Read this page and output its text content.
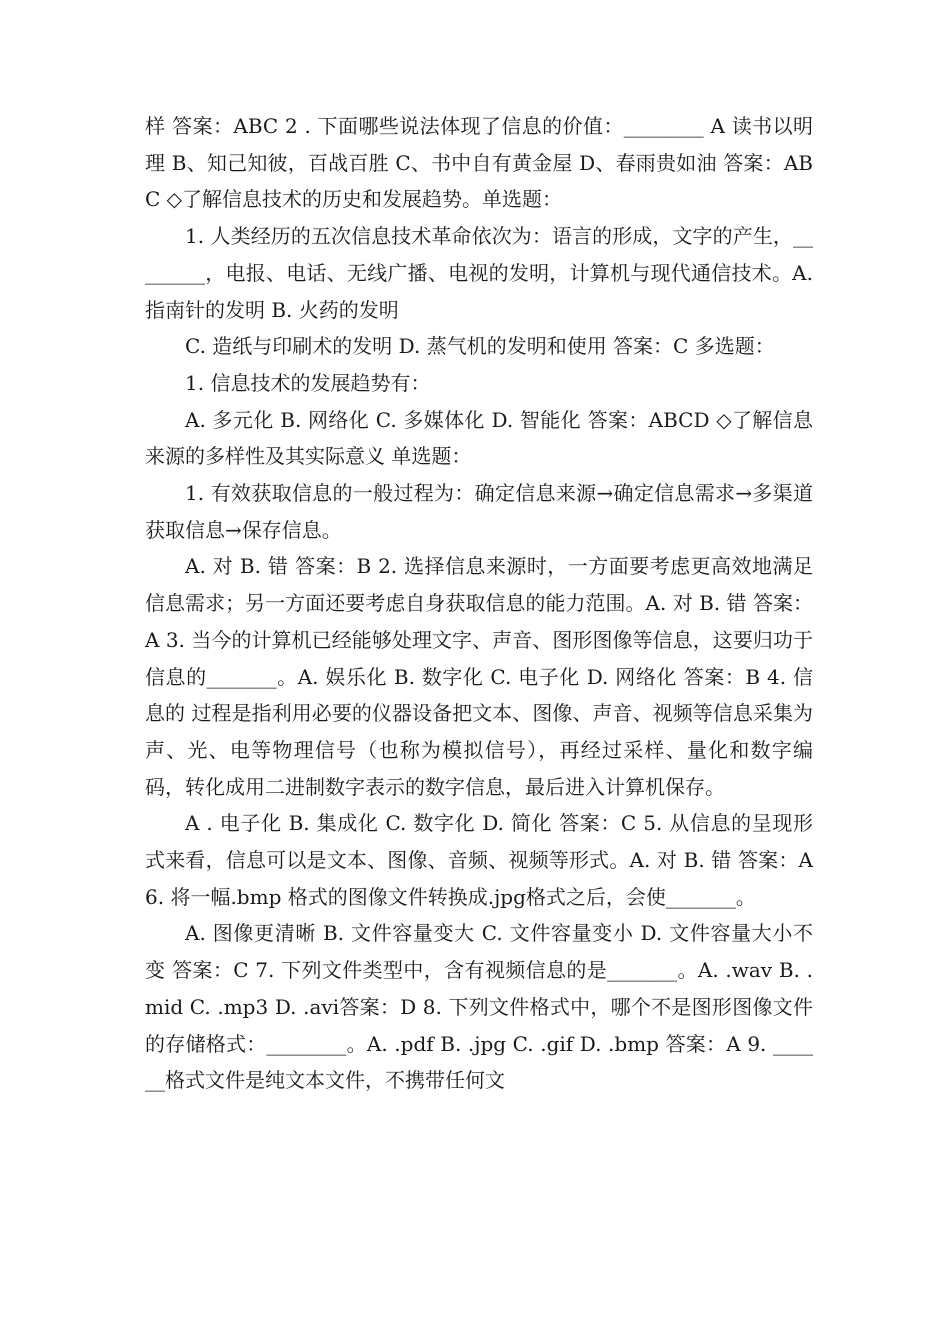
样 答案：ABC 2 . 下面哪些说法体现了信息的价值：________ A 读书以明理 B、知己知彼，百战百胜 C、书中自有黄金屋 D、春雨贵如油 答案：ABC ◇了解信息技术的历史和发展趋势。单选题：

1. 人类经历的五次信息技术革命依次为：语言的形成，文字的产生，________，电报、电话、无线广播、电视的发明，计算机与现代通信技术。A. 指南针的发明 B. 火药的发明

C. 造纸与印刷术的发明 D. 蒸气机的发明和使用 答案：C 多选题：

1. 信息技术的发展趋势有：

A. 多元化 B. 网络化 C. 多媒体化 D. 智能化 答案：ABCD ◇了解信息来源的多样性及其实际意义 单选题：

1. 有效获取信息的一般过程为：确定信息来源→确定信息需求→多渠道获取信息→保存信息。

A. 对 B. 错 答案：B 2. 选择信息来源时，一方面要考虑更高效地满足信息需求；另一方面还要考虑自身获取信息的能力范围。A. 对 B. 错 答案：A 3. 当今的计算机已经能够处理文字、声音、图形图像等信息，这要归功于信息的_______。A. 娱乐化 B. 数字化 C. 电子化 D. 网络化 答案：B 4. 信息的 过程是指利用必要的仪器设备把文本、图像、声音、视频等信息采集为声、光、电等物理信号（也称为模拟信号），再经过采样、量化和数字编码，转化成用二进制数字表示的数字信息，最后进入计算机保存。

A . 电子化 B. 集成化 C. 数字化 D. 简化 答案：C 5. 从信息的呈现形式来看，信息可以是文本、图像、音频、视频等形式。A. 对 B. 错 答案：A 6. 将一幅.bmp 格式的图像文件转换成.jpg格式之后，会使_______。

A. 图像更清晰 B. 文件容量变大 C. 文件容量变小 D. 文件容量大小不变 答案：C 7. 下列文件类型中，含有视频信息的是_______。A. .wav B. .mid C. .mp3 D. .avi答案：D 8. 下列文件格式中，哪个不是图形图像文件的存储格式：________。A. .pdf B. .jpg C. .gif D. .bmp 答案：A 9. ______格式文件是纯文本文件，不携带任何文
